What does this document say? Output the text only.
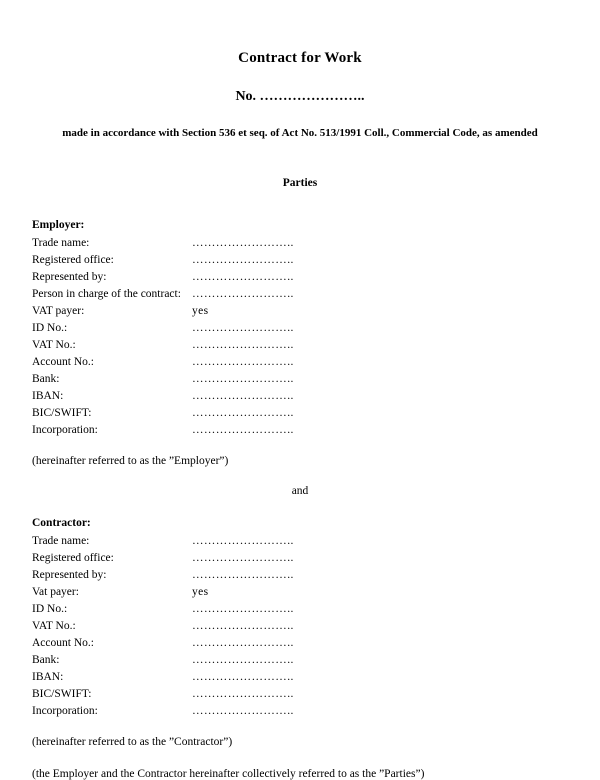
Contract for Work
No. …………………..
made in accordance with Section 536 et seq. of Act No. 513/1991 Coll., Commercial Code, as amended
Parties
Employer:
Trade name:	……………………..
Registered office:	……………………..
Represented by:	……………………..
Person in charge of the contract: ……………………..
VAT payer:	yes
ID No.:	……………………..
VAT No.:	……………………..
Account No.:	……………………..
Bank:	……………………..
IBAN:	……………………..
BIC/SWIFT:	……………………..
Incorporation:	……………………..
(hereinafter referred to as the ”Employer”)
and
Contractor:
Trade name:	……………………..
Registered office:	……………………..
Represented by:	……………………..
Vat payer:	yes
ID No.:	……………………..
VAT No.:	……………………..
Account No.:	……………………..
Bank:	……………………..
IBAN:	……………………..
BIC/SWIFT:	……………………..
Incorporation:	……………………..
(hereinafter referred to as the ”Contractor”)
(the Employer and the Contractor hereinafter collectively referred to as the ”Parties”)
